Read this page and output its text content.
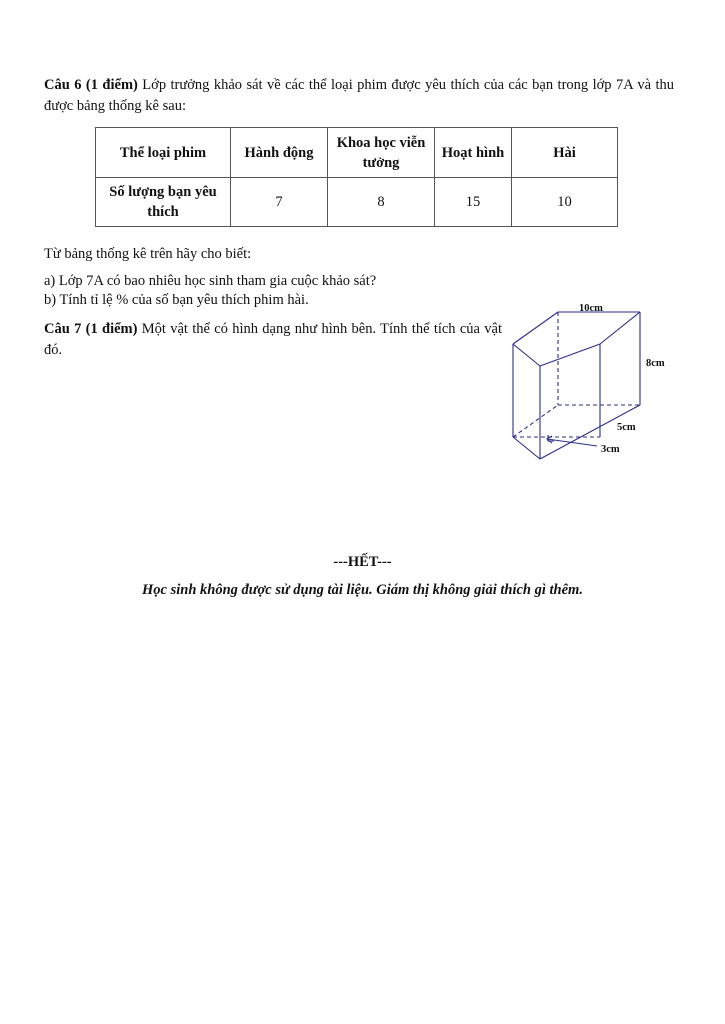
Câu 6 (1 điểm) Lớp trưởng khảo sát về các thể loại phim được yêu thích của các bạn trong lớp 7A và thu được bảng thống kê sau:

Thể loại phim	Hành động	Khoa học viễn tưởng	Hoạt hình	Hài
Số lượng bạn yêu thích	7	8	15	10

Từ bảng thống kê trên hãy cho biết:

a) Lớp 7A có bao nhiêu học sinh tham gia cuộc khảo sát?

b) Tính tỉ lệ % của số bạn yêu thích phim hài.

Câu 7 (1 điểm) Một vật thể có hình dạng như hình bên. Tính thể tích của vật đó.

10cm
8cm
5cm
3cm

---HẾT---

Học sinh không được sử dụng tài liệu. Giám thị không giải thích gì thêm.
